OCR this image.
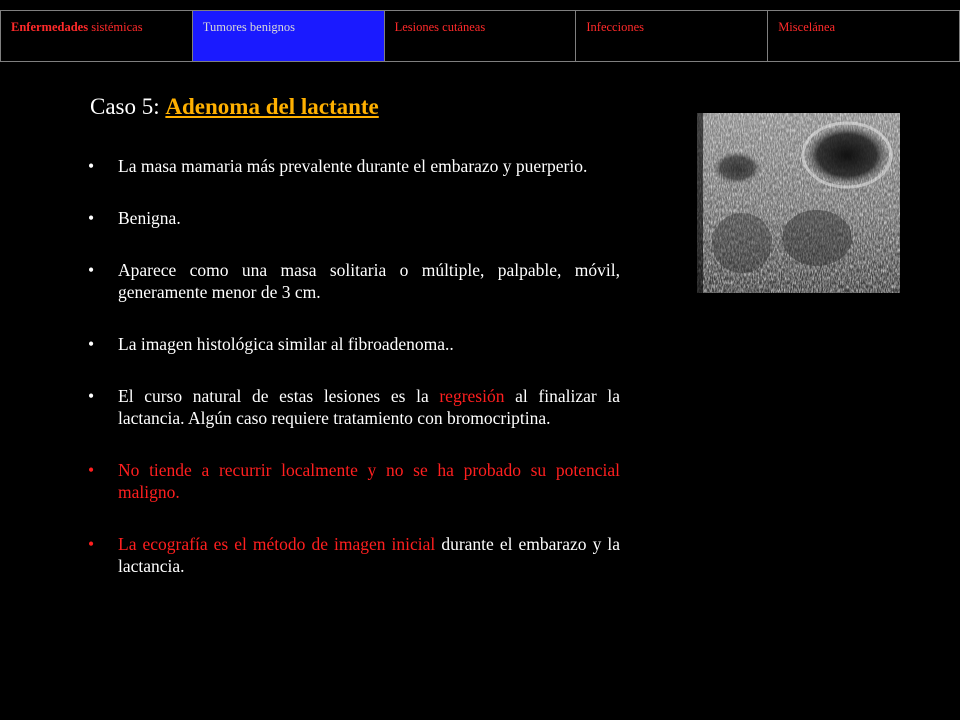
Enfermedades sistémicas	Tumores benignos	Lesiones cutáneas	Infecciones	Miscelánea
Caso 5: Adenoma del lactante
• La masa mamaria más prevalente durante el embarazo y puerperio.
• Benigna.
• Aparece como una masa solitaria o múltiple, palpable, móvil, generamente menor de 3 cm.
• La imagen histológica similar al fibroadenoma..
• El curso natural de estas lesiones es la regresión al finalizar la lactancia. Algún caso requiere tratamiento con bromocriptina.
• No tiende a recurrir localmente y no se ha probado su potencial maligno.
• La ecografía es el método de imagen inicial durante el embarazo y la lactancia.
